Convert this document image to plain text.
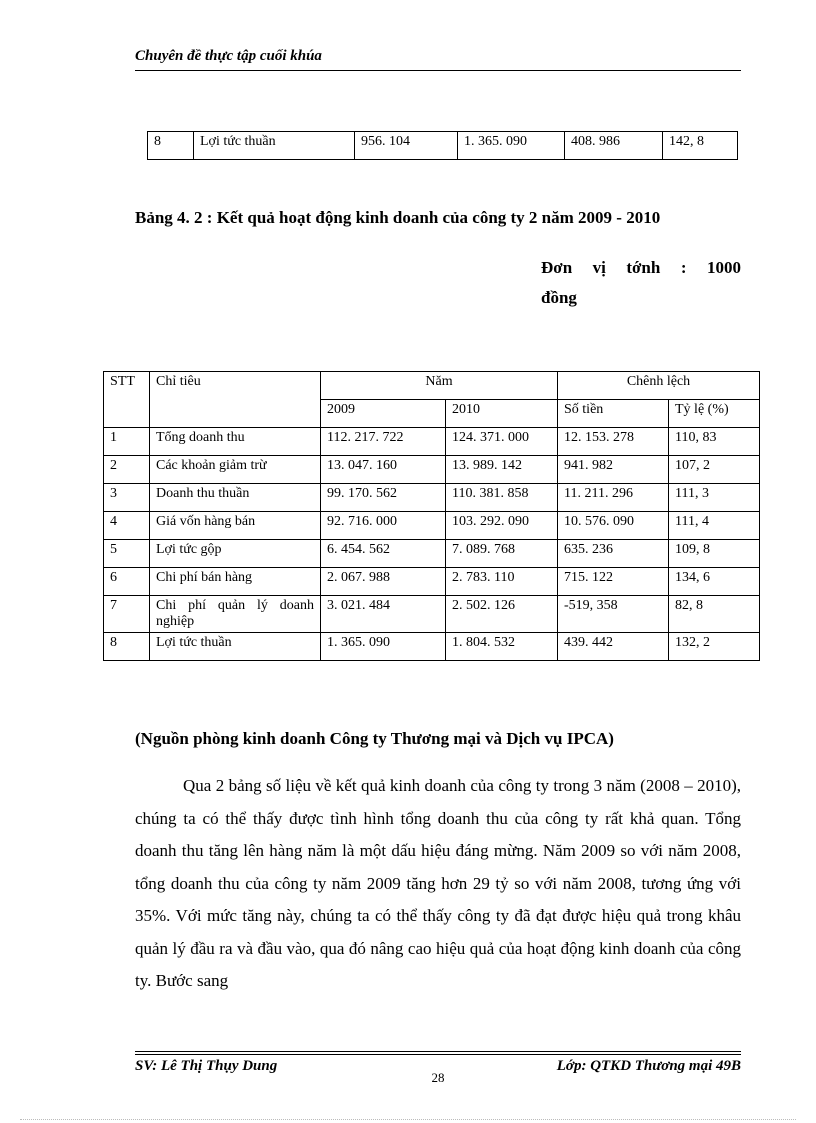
Chuyên đề thực tập cuối khúa
8	Lợi tức thuần	956. 104	1. 365. 090	408. 986	142, 8
Bảng 4. 2 : Kết quả hoạt động kinh doanh của công ty 2 năm 2009 - 2010
Đơn vị tớnh : 1000
đồng
STT	Chỉ tiêu	Năm		Chênh lệch	
		2009	2010	Số tiền	Tỷ lệ (%)
1	Tổng doanh thu	112. 217. 722	124. 371. 000	12. 153. 278	110, 83
2	Các khoản giảm trừ	13. 047. 160	13. 989. 142	941. 982	107, 2
3	Doanh thu thuần	99. 170. 562	110. 381. 858	11. 211. 296	111, 3
4	Giá vốn hàng bán	92. 716. 000	103. 292. 090	10. 576. 090	111, 4
5	Lợi tức gộp	6. 454. 562	7. 089. 768	635. 236	109, 8
6	Chi phí bán hàng	2. 067. 988	2. 783. 110	715. 122	134, 6
7	Chi phí quản lý doanh nghiệp	3. 021. 484	2. 502. 126	-519, 358	82, 8
8	Lợi tức thuần	1. 365. 090	1. 804. 532	439. 442	132, 2
(Nguồn phòng kinh doanh Công ty Thương mại và Dịch vụ IPCA)

Qua 2 bảng số liệu về kết quả kinh doanh của công ty trong 3 năm (2008 – 2010), chúng ta có thể thấy được tình hình tổng doanh thu của công ty rất khả quan. Tổng doanh thu tăng lên hàng năm là một dấu hiệu đáng mừng. Năm 2009 so với năm 2008, tổng doanh thu của công ty năm 2009 tăng hơn 29 tỷ so với năm 2008, tương ứng với 35%. Với mức tăng này, chúng ta có thể thấy công ty đã đạt được hiệu quả trong khâu quản lý đầu ra và đầu vào, qua đó nâng cao hiệu quả của hoạt động kinh doanh của công ty. Bước sang

SV: Lê Thị Thụy Dung	Lớp: QTKD Thương mại 49B
28
